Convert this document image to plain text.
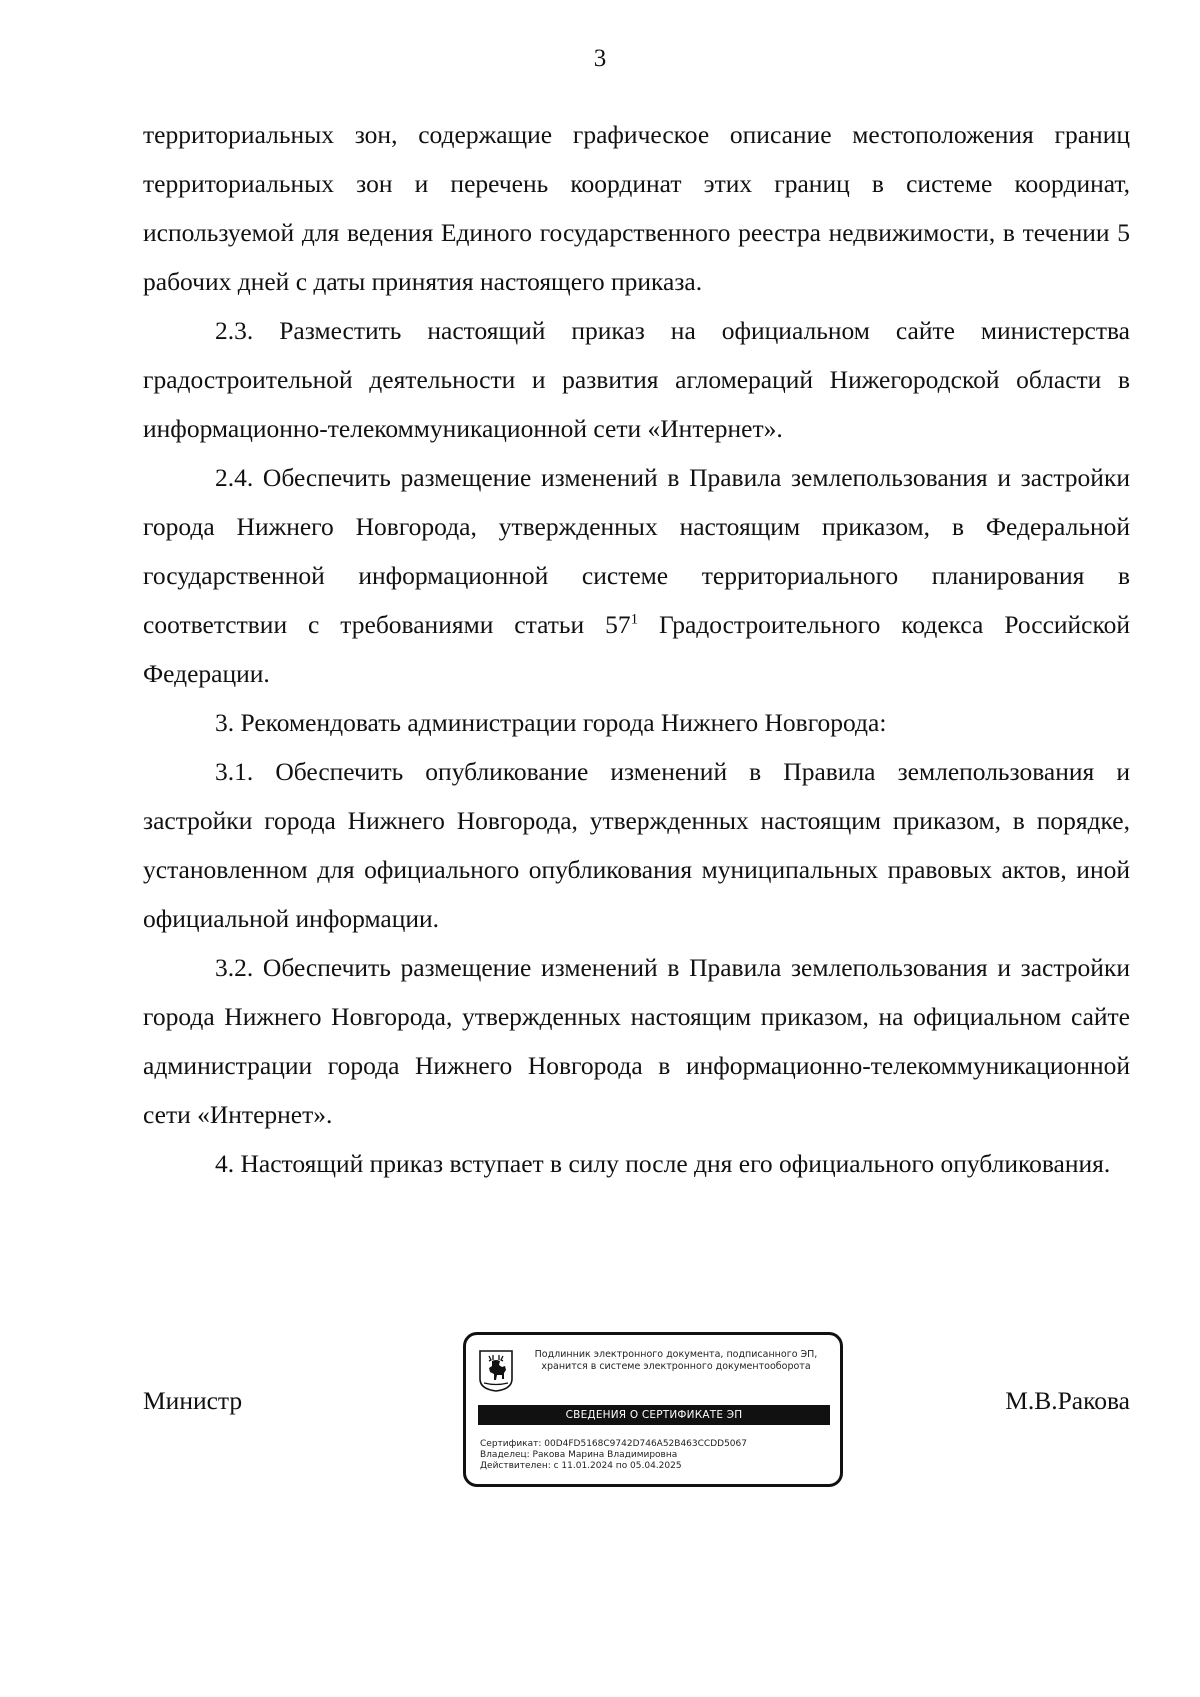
3

территориальных зон, содержащие графическое описание местоположения границ территориальных зон и перечень координат этих границ в системе координат, используемой для ведения Единого государственного реестра недвижимости, в течении 5 рабочих дней с даты принятия настоящего приказа.

2.3. Разместить настоящий приказ на официальном сайте министерства градостроительной деятельности и развития агломераций Нижегородской области в информационно-телекоммуникационной сети «Интернет».

2.4. Обеспечить размещение изменений в Правила землепользования и застройки города Нижнего Новгорода, утвержденных настоящим приказом, в Федеральной государственной информационной системе территориального планирования в соответствии с требованиями статьи $57^1$ Градостроительного кодекса Российской Федерации.

3. Рекомендовать администрации города Нижнего Новгорода:

3.1. Обеспечить опубликование изменений в Правила землепользования и застройки города Нижнего Новгорода, утвержденных настоящим приказом, в порядке, установленном для официального опубликования муниципальных правовых актов, иной официальной информации.

3.2. Обеспечить размещение изменений в Правила землепользования и застройки города Нижнего Новгорода, утвержденных настоящим приказом, на официальном сайте администрации города Нижнего Новгорода в информационно-телекоммуникационной сети «Интернет».

4. Настоящий приказ вступает в силу после дня его официального опубликования.

Министр
Подлинник электронного документа, подписанного ЭП,
хранится в системе электронного документооборота
СВЕДЕНИЯ О СЕРТИФИКАТЕ ЭП
Сертификат: 00D4FD5168C9742D746A52B463CCDD5067
Владелец: Ракова Марина Владимировна
Действителен: с 11.01.2024 по 05.04.2025
М.В.Ракова
